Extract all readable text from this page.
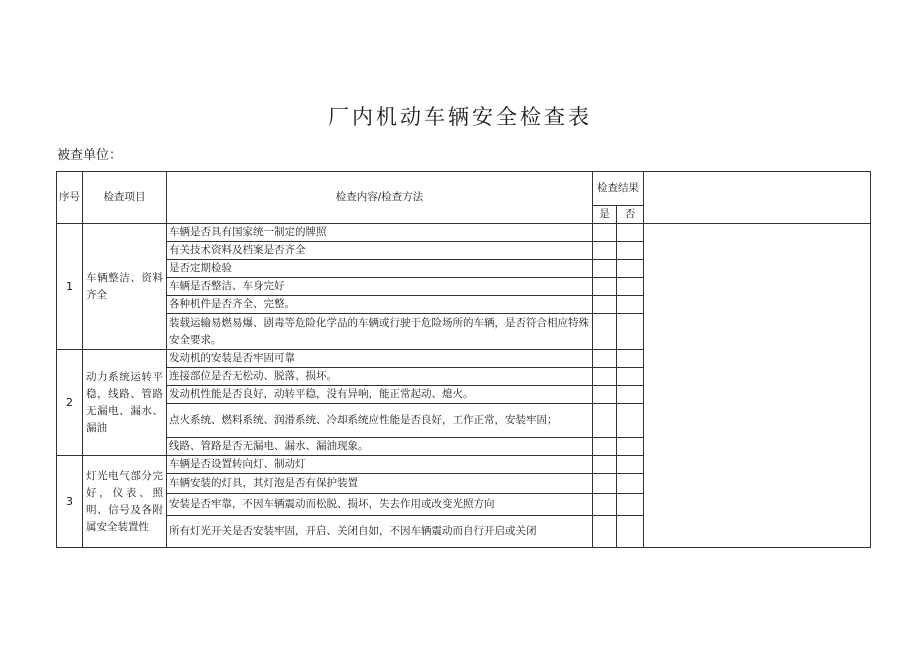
厂内机动车辆安全检查表
被查单位：
序号	检查项目	检查内容/检查方法	检查结果		
			是	否	
1	车辆整洁、资料齐全	车辆是否具有国家统一制定的牌照			
		有关技术资料及档案是否齐全			
		是否定期检验			
		车辆是否整洁、车身完好			
		各种机件是否齐全、完整。			
		装载运输易燃易爆、剧毒等危险化学品的车辆或行驶于危险场所的车辆，是否符合相应特殊安全要求。			
2	动力系统运转平稳，线路、管路无漏电、漏水、漏油	发动机的安装是否牢固可靠			
		连接部位是否无松动、脱落、损坏。			
		发动机性能是否良好，动转平稳，没有异响，能正常起动、熄火。			
		点火系统、燃料系统、润滑系统、冷却系统应性能是否良好，工作正常，安装牢固；			
		线路、管路是否无漏电、漏水、漏油现象。			
3	灯光电气部分完好，仪表、照明、信号及各附属安全装置性	车辆是否设置转向灯、制动灯			
		车辆安装的灯具，其灯泡是否有保护装置			
		安装是否牢靠，不因车辆震动而松脱、损坏，失去作用或改变光照方向			
		所有灯光开关是否安装牢固，开启、关闭自如，不因车辆震动而自行开启或关闭			
